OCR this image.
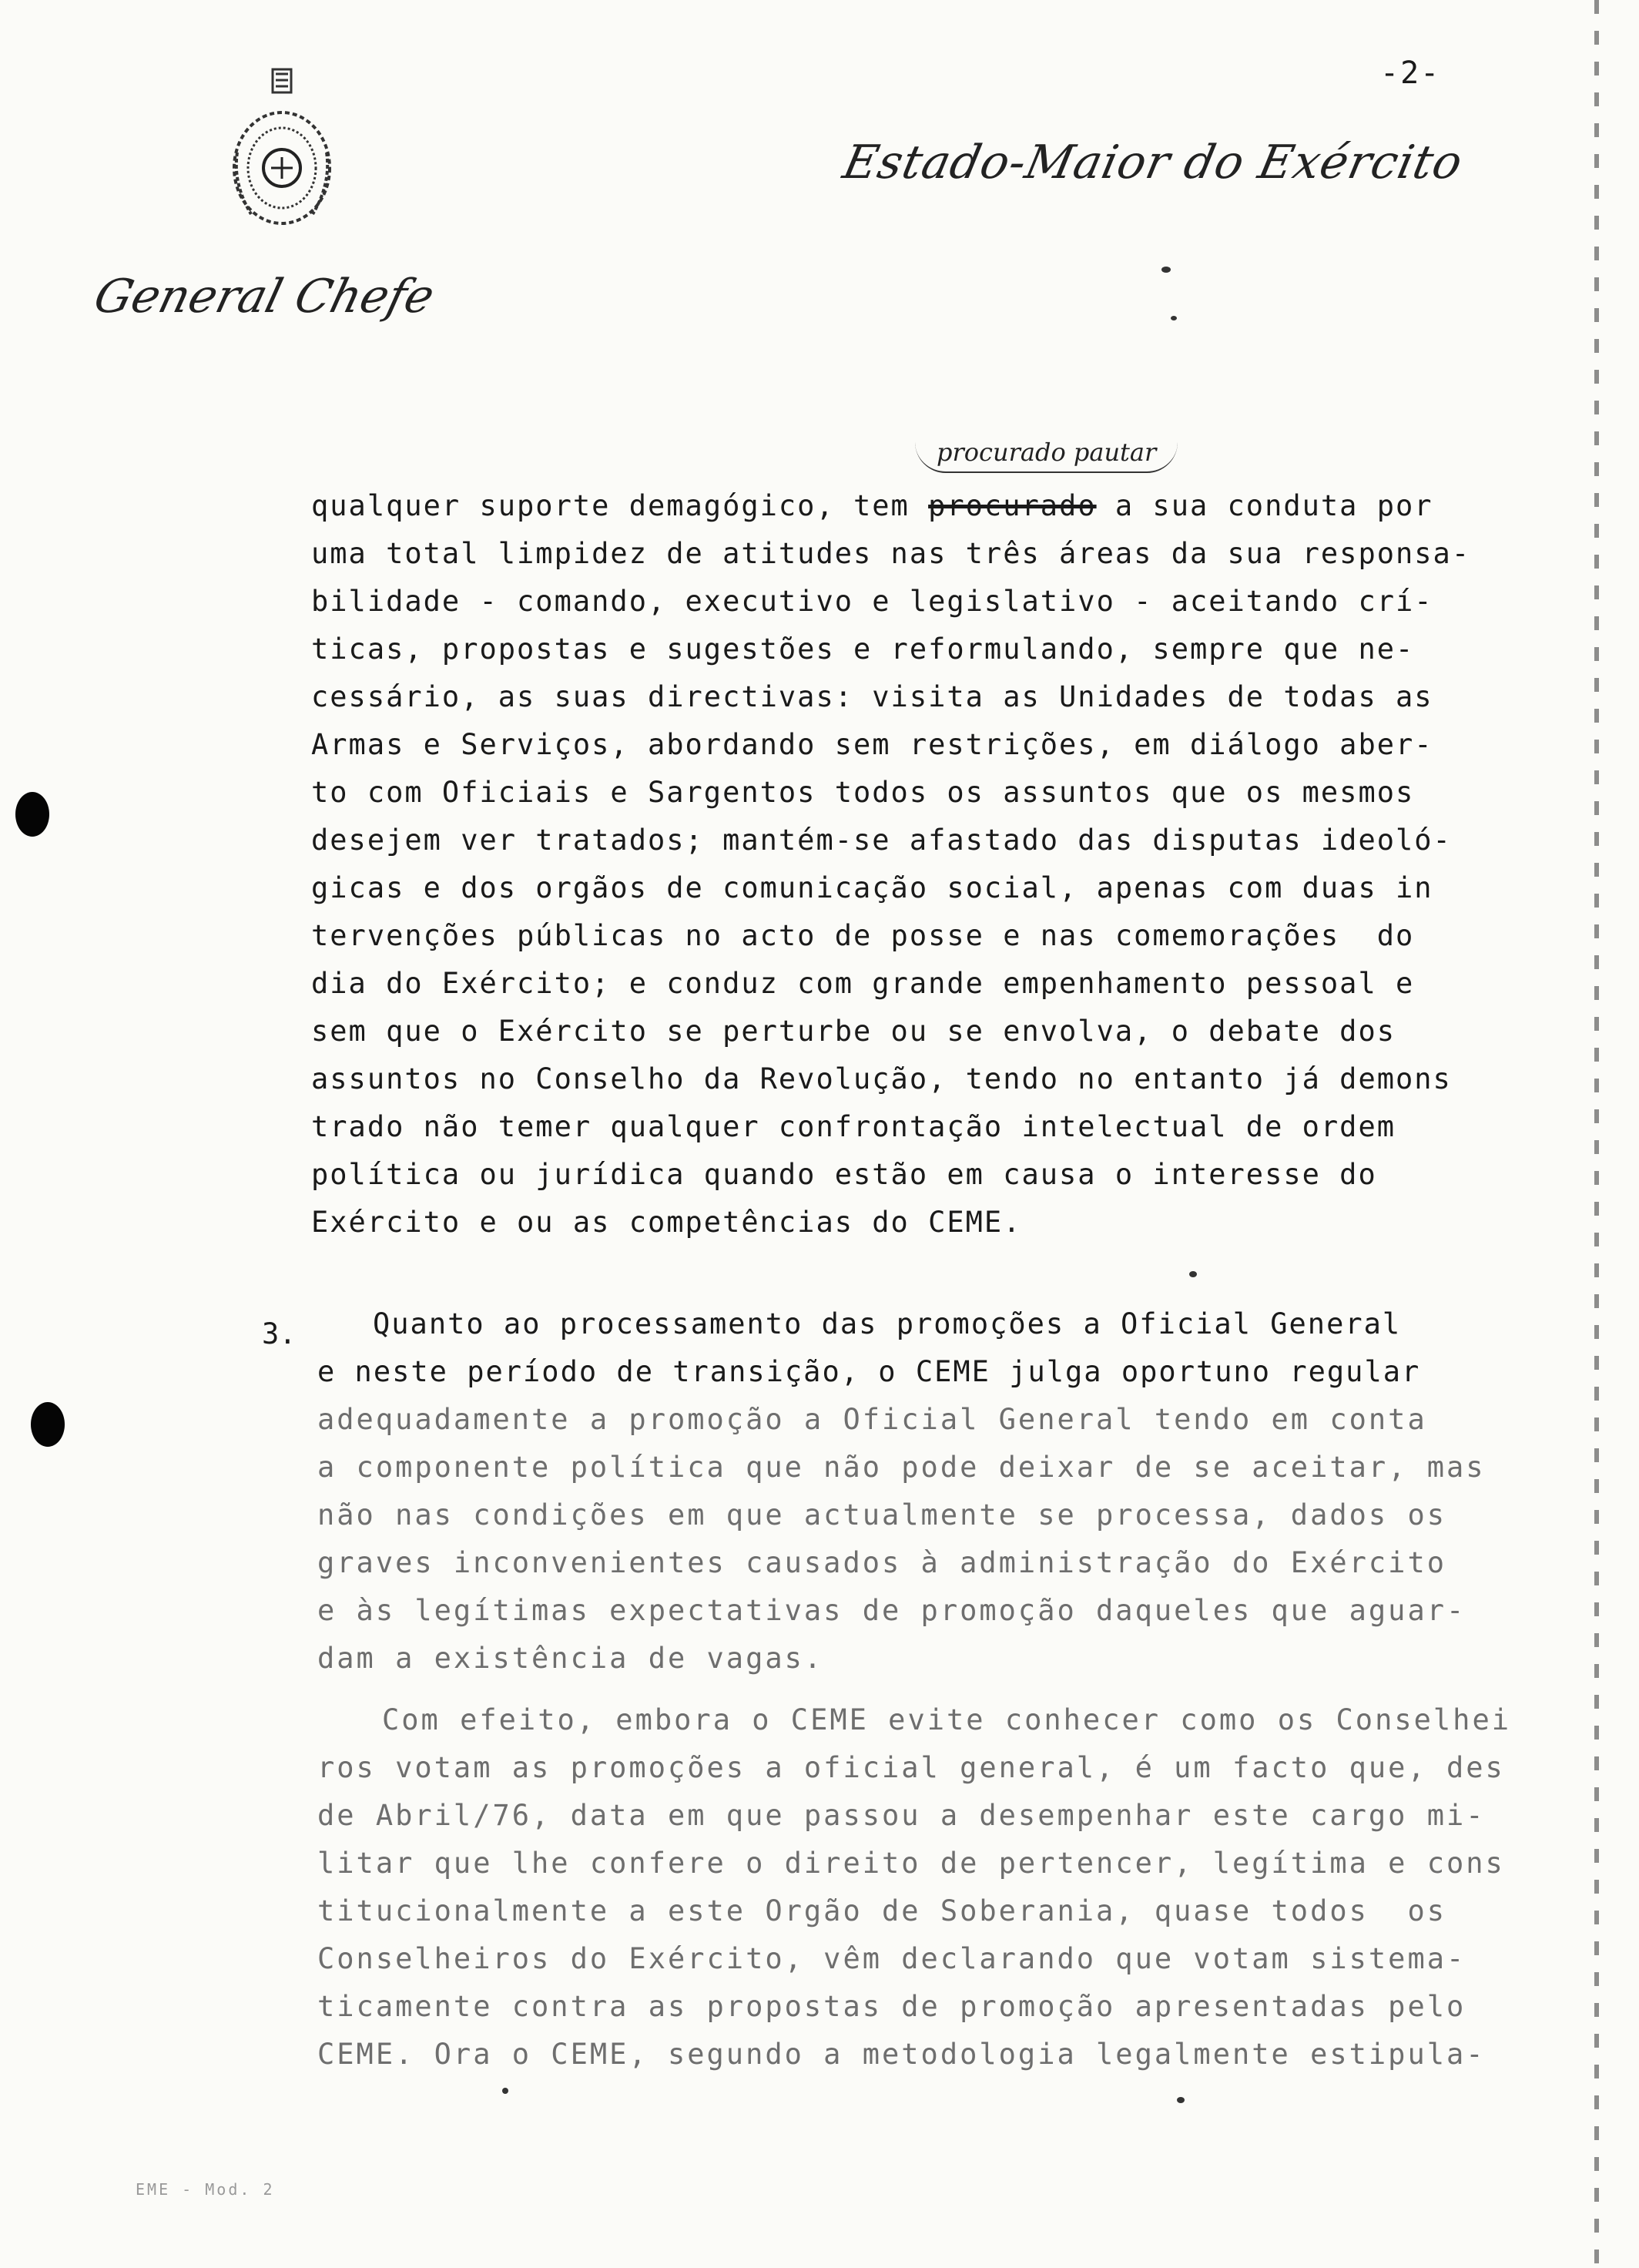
-2-
Estado-Maior do Exército
General Chefe
procurado pautar
qualquer suporte demagógico, tem procurado a sua conduta por
uma total limpidez de atitudes nas três áreas da sua responsa-
bilidade - comando, executivo e legislativo - aceitando crí-
ticas, propostas e sugestões e reformulando, sempre que ne-
cessário, as suas directivas: visita as Unidades de todas as
Armas e Serviços, abordando sem restrições, em diálogo aber-
to com Oficiais e Sargentos todos os assuntos que os mesmos
desejem ver tratados; mantém-se afastado das disputas ideoló-
gicas e dos orgãos de comunicação social, apenas com duas in
tervenções públicas no acto de posse e nas comemorações  do
dia do Exército; e conduz com grande empenhamento pessoal e
sem que o Exército se perturbe ou se envolva, o debate dos
assuntos no Conselho da Revolução, tendo no entanto já demons
trado não temer qualquer confrontação intelectual de ordem
política ou jurídica quando estão em causa o interesse do
Exército e ou as competências do CEME.
3.	Quanto ao processamento das promoções a Oficial General
e neste período de transição, o CEME julga oportuno regular
adequadamente a promoção a Oficial General tendo em conta
a componente política que não pode deixar de se aceitar, mas
não nas condições em que actualmente se processa, dados os
graves inconvenientes causados à administração do Exército
e às legítimas expectativas de promoção daqueles que aguar-
dam a existência de vagas.
Com efeito, embora o CEME evite conhecer como os Conselhei
ros votam as promoções a oficial general, é um facto que, des
de Abril/76, data em que passou a desempenhar este cargo mi-
litar que lhe confere o direito de pertencer, legítima e cons
titucionalmente a este Orgão de Soberania, quase todos  os
Conselheiros do Exército, vêm declarando que votam sistema-
ticamente contra as propostas de promoção apresentadas pelo
CEME. Ora o CEME, segundo a metodologia legalmente estipula-
EME - Mod. 2
